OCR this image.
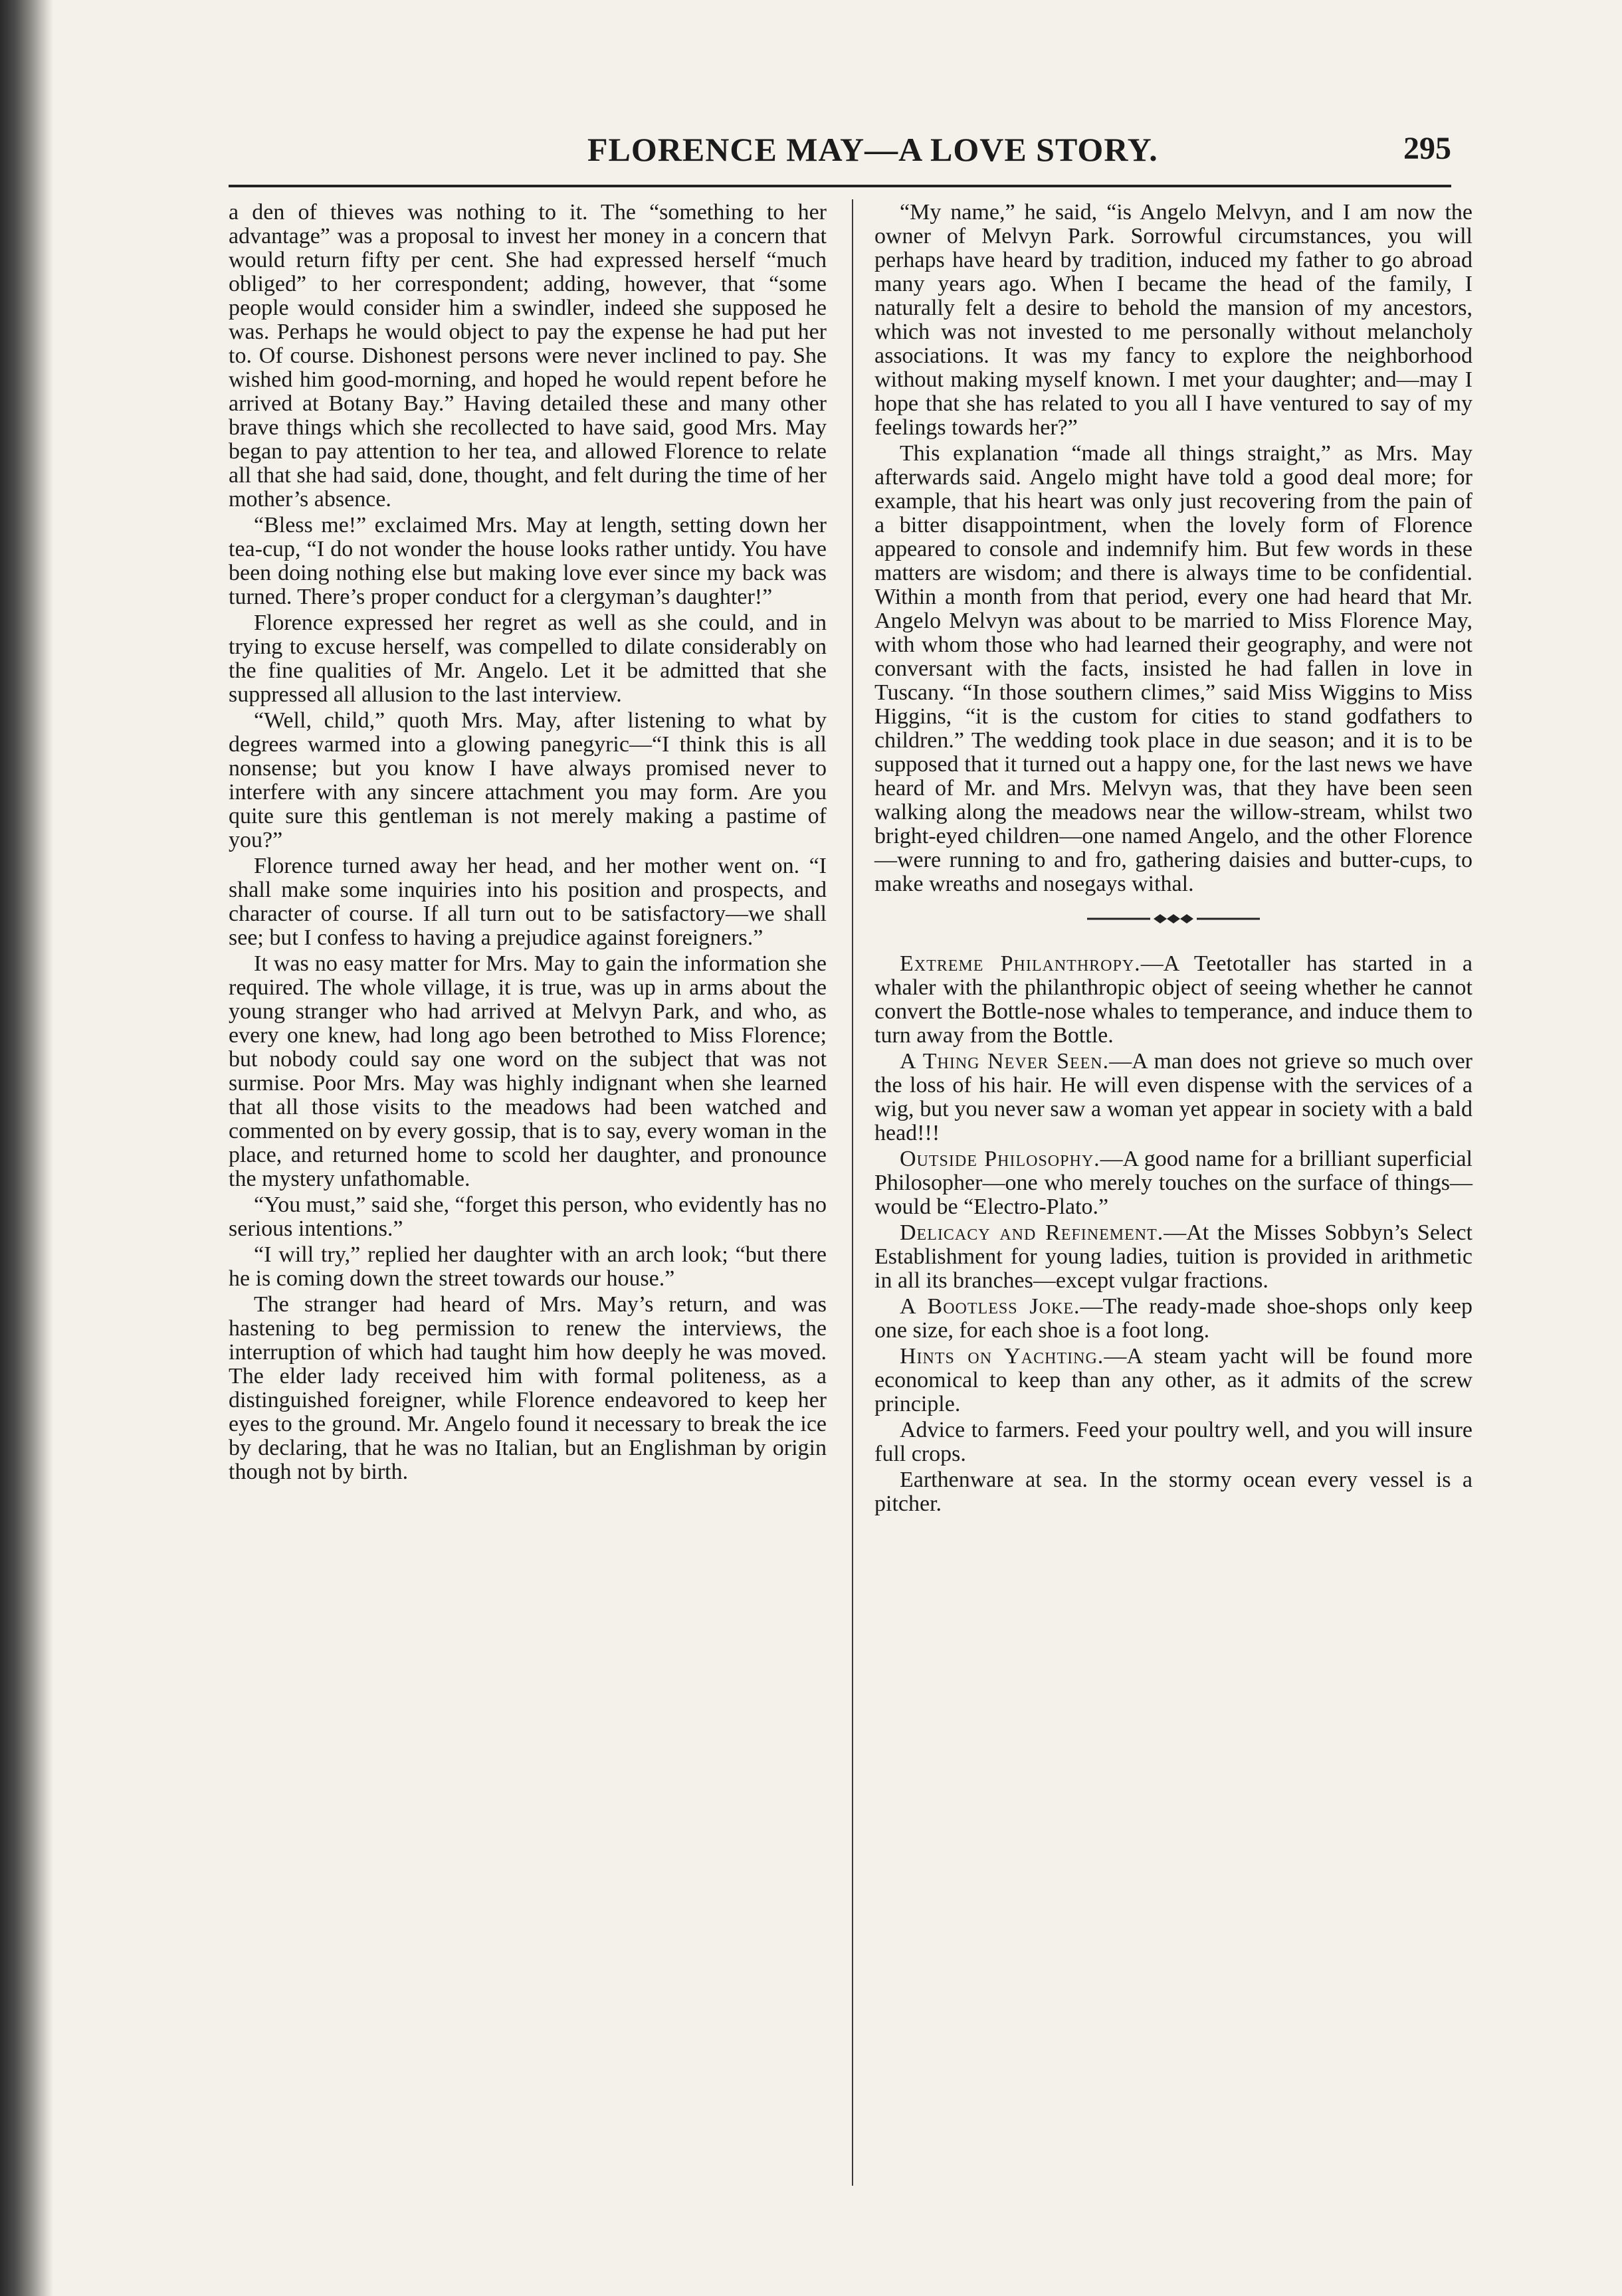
FLORENCE MAY—A LOVE STORY.	295

a den of thieves was nothing to it. The “something to her advantage” was a proposal to invest her money in a concern that would return fifty per cent. She had expressed herself “much obliged” to her correspondent; adding, however, that “some people would consider him a swindler, indeed she supposed he was. Perhaps he would object to pay the expense he had put her to. Of course. Dishonest persons were never inclined to pay. She wished him good-morning, and hoped he would repent before he arrived at Botany Bay.” Having detailed these and many other brave things which she recollected to have said, good Mrs. May began to pay attention to her tea, and allowed Florence to relate all that she had said, done, thought, and felt during the time of her mother’s absence.

“Bless me!” exclaimed Mrs. May at length, setting down her tea-cup, “I do not wonder the house looks rather untidy. You have been doing nothing else but making love ever since my back was turned. There’s proper conduct for a clergyman’s daughter!”

Florence expressed her regret as well as she could, and in trying to excuse herself, was compelled to dilate considerably on the fine qualities of Mr. Angelo. Let it be admitted that she suppressed all allusion to the last interview.

“Well, child,” quoth Mrs. May, after listening to what by degrees warmed into a glowing panegyric—“I think this is all nonsense; but you know I have always promised never to interfere with any sincere attachment you may form. Are you quite sure this gentleman is not merely making a pastime of you?”

Florence turned away her head, and her mother went on. “I shall make some inquiries into his position and prospects, and character of course. If all turn out to be satisfactory—we shall see; but I confess to having a prejudice against foreigners.”

It was no easy matter for Mrs. May to gain the information she required. The whole village, it is true, was up in arms about the young stranger who had arrived at Melvyn Park, and who, as every one knew, had long ago been betrothed to Miss Florence; but nobody could say one word on the subject that was not surmise. Poor Mrs. May was highly indignant when she learned that all those visits to the meadows had been watched and commented on by every gossip, that is to say, every woman in the place, and returned home to scold her daughter, and pronounce the mystery unfathomable.

“You must,” said she, “forget this person, who evidently has no serious intentions.”

“I will try,” replied her daughter with an arch look; “but there he is coming down the street towards our house.”

The stranger had heard of Mrs. May’s return, and was hastening to beg permission to renew the interviews, the interruption of which had taught him how deeply he was moved. The elder lady received him with formal politeness, as a distinguished foreigner, while Florence endeavored to keep her eyes to the ground. Mr. Angelo found it necessary to break the ice by declaring, that he was no Italian, but an Englishman by origin though not by birth.

“My name,” he said, “is Angelo Melvyn, and I am now the owner of Melvyn Park. Sorrowful circumstances, you will perhaps have heard by tradition, induced my father to go abroad many years ago. When I became the head of the family, I naturally felt a desire to behold the mansion of my ancestors, which was not invested to me personally without melancholy associations. It was my fancy to explore the neighborhood without making myself known. I met your daughter; and—may I hope that she has related to you all I have ventured to say of my feelings towards her?”

This explanation “made all things straight,” as Mrs. May afterwards said. Angelo might have told a good deal more; for example, that his heart was only just recovering from the pain of a bitter disappointment, when the lovely form of Florence appeared to console and indemnify him. But few words in these matters are wisdom; and there is always time to be confidential. Within a month from that period, every one had heard that Mr. Angelo Melvyn was about to be married to Miss Florence May, with whom those who had learned their geography, and were not conversant with the facts, insisted he had fallen in love in Tuscany. “In those southern climes,” said Miss Wiggins to Miss Higgins, “it is the custom for cities to stand godfathers to children.” The wedding took place in due season; and it is to be supposed that it turned out a happy one, for the last news we have heard of Mr. and Mrs. Melvyn was, that they have been seen walking along the meadows near the willow-stream, whilst two bright-eyed children—one named Angelo, and the other Florence—were running to and fro, gathering daisies and butter-cups, to make wreaths and nosegays withal.

Extreme Philanthropy.—A Teetotaller has started in a whaler with the philanthropic object of seeing whether he cannot convert the Bottle-nose whales to temperance, and induce them to turn away from the Bottle.

A Thing Never Seen.—A man does not grieve so much over the loss of his hair. He will even dispense with the services of a wig, but you never saw a woman yet appear in society with a bald head!!!

Outside Philosophy.—A good name for a brilliant superficial Philosopher—one who merely touches on the surface of things—would be “Electro-Plato.”

Delicacy and Refinement.—At the Misses Sobbyn’s Select Establishment for young ladies, tuition is provided in arithmetic in all its branches—except vulgar fractions.

A Bootless Joke.—The ready-made shoe-shops only keep one size, for each shoe is a foot long.

Hints on Yachting.—A steam yacht will be found more economical to keep than any other, as it admits of the screw principle.

Advice to farmers. Feed your poultry well, and you will insure full crops.

Earthenware at sea. In the stormy ocean every vessel is a pitcher.
